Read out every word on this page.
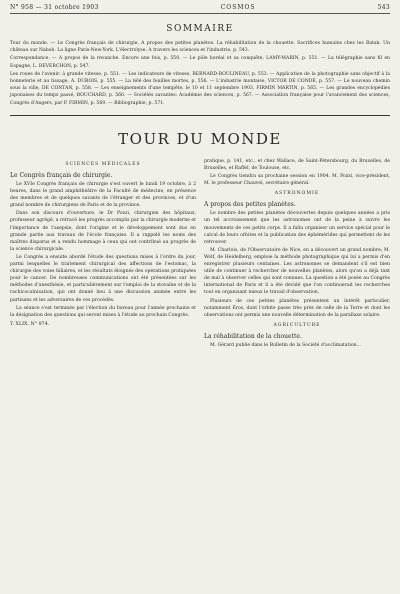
N° 958 — 31 octobre 1903	COSMOS	543
SOMMAIRE

Tour du monde. — Le Congrès français de chirurgie. A propos des petites planètes. La réhabilitation de la chouette. Sacrifices humains chez les Batak. Un château sur Nabob. La ligne Paris-New-York. L'électrolyse. A travers les sciences et l'industrie, p. 543.

Correspondance. — A propos de la revanche. Encore une fois, p. 550. — Le pôle boréal et sa conquête, LAMY-MARIN, p. 551. — La télégraphie sans fil en Espagne, L. REVERCHON, p. 547.

Les roues de l'avenir: à grande vitesse, p. 551. — Les indicateurs de vitesse, BERNARD-BOULINEAU, p. 553. — Application de la photographie sans objectif à la bonneterie et au tissage, A. DUBOIS, p. 555. — La télé des feuilles mortes, p. 556. — L'industrie montaise, VICTOR DE CONDÉ, p. 557. — Le nouveau chemin sous la ville, DE CONTAN, p. 558. — Les enseignements d'une tempête, le 10 et 11 septembre 1903, FIRMIN MARTIN, p. 565. — Les grandes encyclopédies japonaises du temps passé, BOUCHARD, p. 566. — Sociétés savantes: Académie des sciences, p. 567. — Association française pour l'avancement des sciences, Congrès d'Angers, par P. FIRMIN, p. 569. — Bibliographie, p. 571.

TOUR DU MONDE
SCIENCES MÉDICALES
Le Congrès français de chirurgie.

Le XVIe Congrès français de chirurgie s'est ouvert le lundi 19 octobre, à 2 heures, dans le grand amphithéâtre de la Faculté de médecine, en présence des membres et de quelques savants de l'étranger et des provinces, et d'un grand nombre de chirurgiens de Paris et de la province.

Dans son discours d'ouverture, le Dr Pozzi, chirurgien des hôpitaux, professeur agrégé, a retracé les progrès accomplis par la chirurgie moderne et l'importance de l'asepsie, dont l'origine et le développement sont dus en grande partie aux travaux de l'école française. Il a rappelé les noms des maîtres disparus et a rendu hommage à ceux qui ont contribué au progrès de la science chirurgicale.

Le Congrès a ensuite abordé l'étude des questions mises à l'ordre du jour, parmi lesquelles le traitement chirurgical des affections de l'estomac, la chirurgie des voies biliaires, et les résultats éloignés des opérations pratiquées pour le cancer. De nombreuses communications ont été présentées sur les méthodes d'anesthésie, et particulièrement sur l'emploi de la stovaïne et de la rachicocaïnisation, qui ont donné lieu à une discussion animée entre les partisans et les adversaires de ces procédés.

La séance s'est terminée par l'élection du bureau pour l'année prochaine et la désignation des questions qui seront mises à l'étude au prochain Congrès.

T. XLIX. N° 974.

pratique, p. 141, etc., et chez Wallace, de Saint-Pétersbourg, du Bruxelles, de Bruxelles, et Raffel, de Toulouse, etc.

Le Congrès tiendra sa prochaine session en 1904. M. Pozzi, vice-président, M. le professeur Chauvel, secrétaire général.

ASTRONOMIE
A propos des petites planètes.

Le nombre des petites planètes découvertes depuis quelques années a pris un tel accroissement que les astronomes ont de la peine à suivre les mouvements de ces petits corps. Il a fallu organiser un service spécial pour le calcul de leurs orbites et la publication des éphémérides qui permettent de les retrouver.

M. Charlois, de l'Observatoire de Nice, en a découvert un grand nombre; M. Wolf, de Heidelberg, emploie la méthode photographique qui lui a permis d'en enregistrer plusieurs centaines. Les astronomes se demandent s'il est bien utile de continuer à rechercher de nouvelles planètes, alors qu'on a déjà tant de mal à observer celles qui sont connues. La question a été posée au Congrès international de Paris et il a été décidé que l'on continuerait les recherches tout en organisant mieux le travail d'observation.

Plusieurs de ces petites planètes présentent un intérêt particulier, notamment Éros, dont l'orbite passe très près de celle de la Terre et dont les observations ont permis une nouvelle détermination de la parallaxe solaire.

AGRICULTURE
La réhabilitation de la chouette.

M. Gérard publie dans le Bulletin de la Société d'acclimatation...
